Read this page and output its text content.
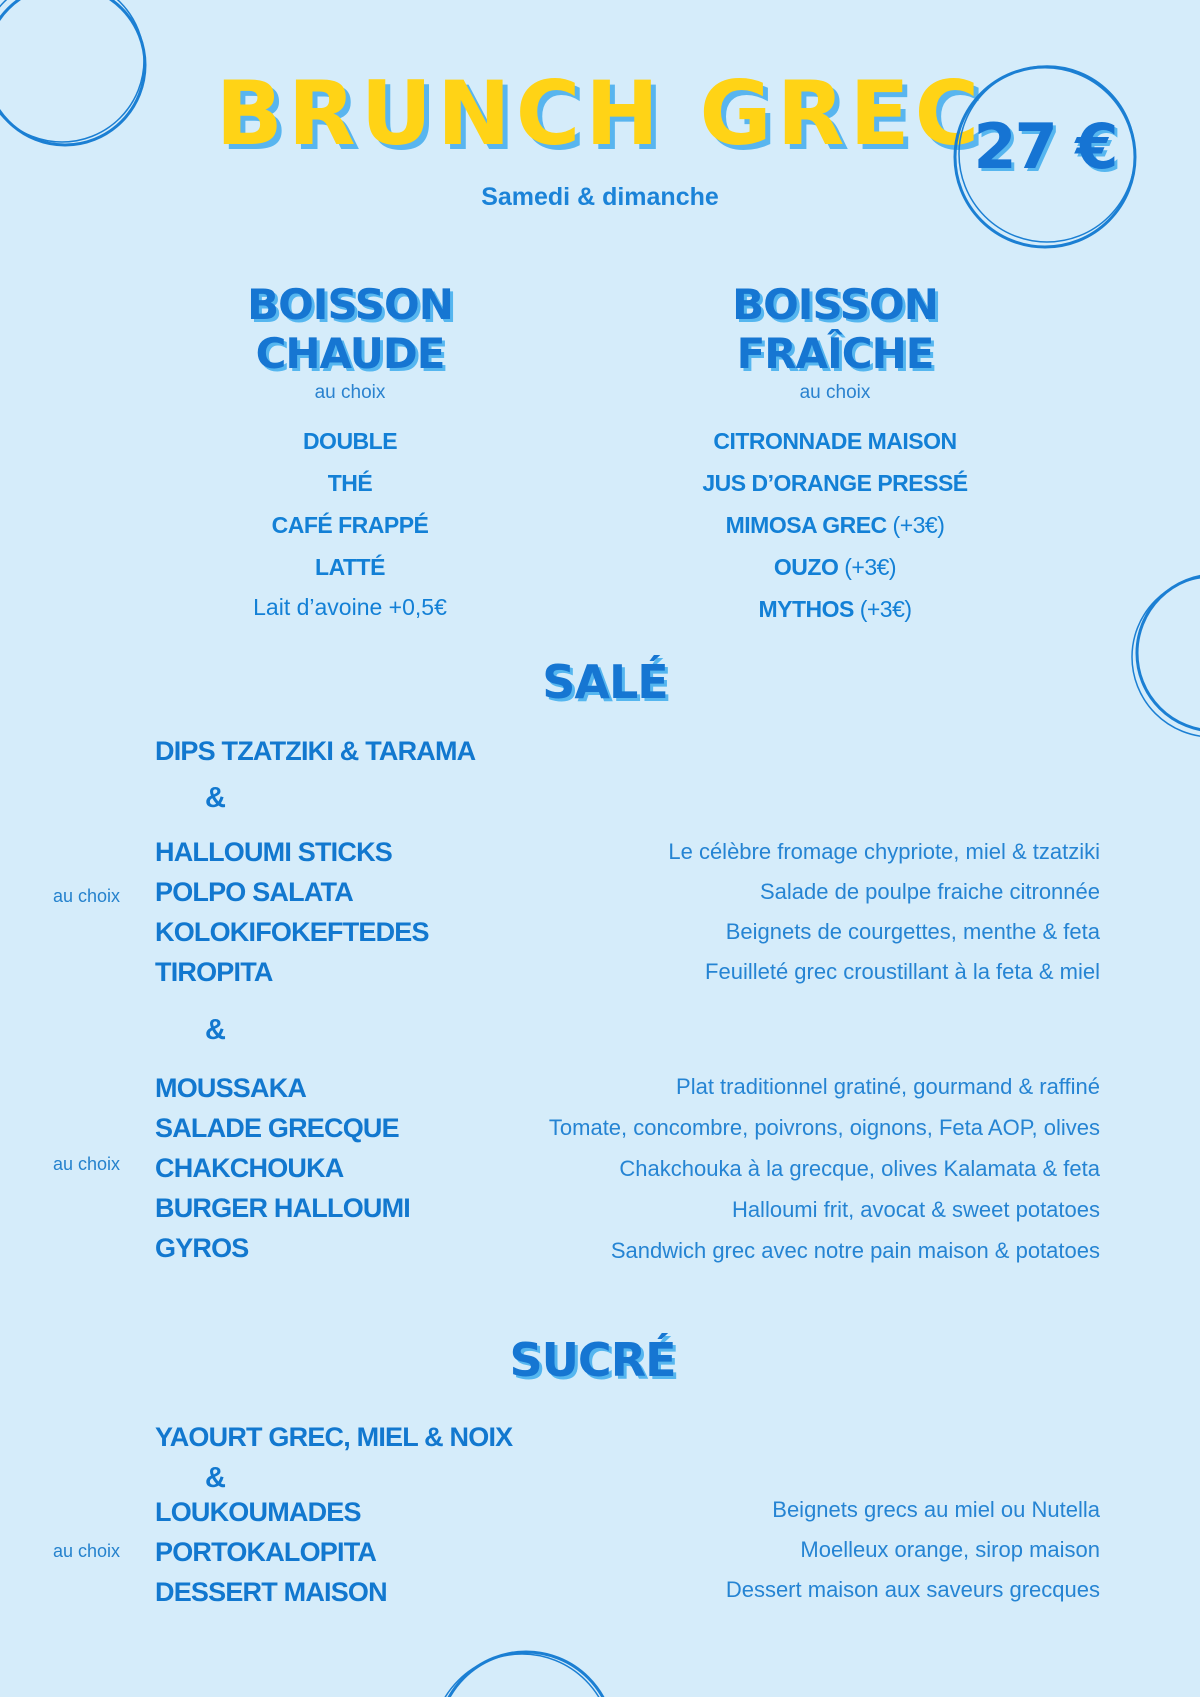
BRUNCH GREC
Samedi & dimanche
27 €
BOISSON CHAUDE
au choix
DOUBLE
THÉ
CAFÉ FRAPPÉ
LATTÉ
Lait d’avoine +0,5€
BOISSON FRAÎCHE
au choix
CITRONNADE MAISON
JUS D’ORANGE PRESSÉ
MIMOSA GREC (+3€)
OUZO (+3€)
MYTHOS (+3€)
SALÉ
DIPS TZATZIKI & TARAMA
&
au choix
HALLOUMI STICKS
POLPO SALATA
KOLOKIFOKEFTEDES
TIROPITA
Le célèbre fromage chypriote, miel & tzatziki
Salade de poulpe fraiche citronnée
Beignets de courgettes, menthe & feta
Feuilleté grec croustillant à la feta & miel
&
au choix
MOUSSAKA
SALADE GRECQUE
CHAKCHOUKA
BURGER HALLOUMI
GYROS
Plat traditionnel gratiné, gourmand & raffiné
Tomate, concombre, poivrons, oignons, Feta AOP, olives
Chakchouka à la grecque, olives Kalamata & feta
Halloumi frit, avocat & sweet potatoes
Sandwich grec avec notre pain maison & potatoes
SUCRÉ
YAOURT GREC, MIEL & NOIX
&
au choix
LOUKOUMADES
PORTOKALOPITA
DESSERT MAISON
Beignets grecs au miel ou Nutella
Moelleux orange, sirop maison
Dessert maison aux saveurs grecques
